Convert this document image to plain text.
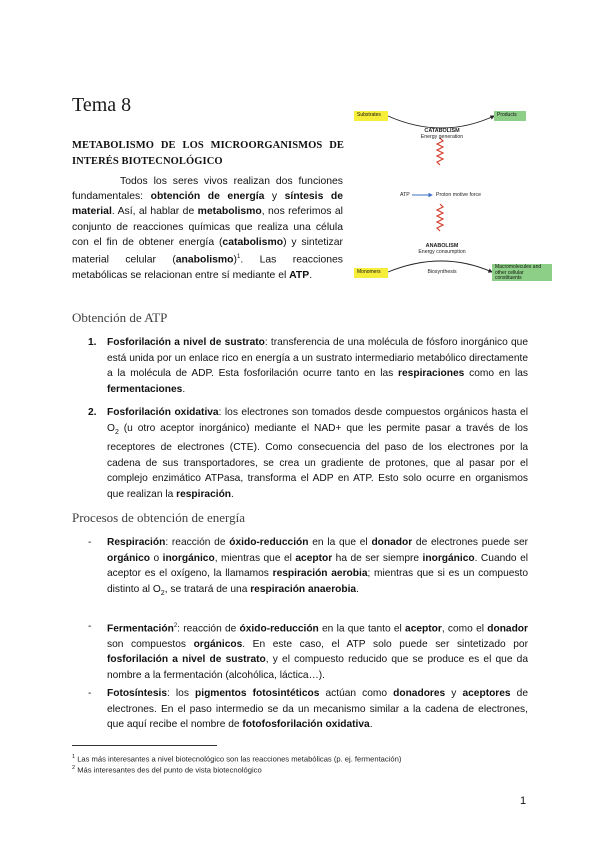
Tema 8
METABOLISMO DE LOS MICROORGANISMOS DE INTERÉS BIOTECNOLÓGICO
Todos los seres vivos realizan dos funciones fundamentales: obtención de energía y síntesis de material. Así, al hablar de metabolismo, nos referimos al conjunto de reacciones químicas que realiza una célula con el fin de obtener energía (catabolismo) y sintetizar material celular (anabolismo)$^1$. Las reacciones metabólicas se relacionan entre sí mediante el ATP.
Substrates	Products
CATABOLISM
Energy generation
ATP	Proton motive force
ANABOLISM
Energy consumption
Monomers	Biosynthesis
Macromolecules and other cellular constituents
Obtención de ATP
1. Fosforilación a nivel de sustrato: transferencia de una molécula de fósforo inorgánico que está unida por un enlace rico en energía a un sustrato intermediario metabólico directamente a la molécula de ADP. Esta fosforilación ocurre tanto en las respiraciones como en las fermentaciones.
2. Fosforilación oxidativa: los electrones son tomados desde compuestos orgánicos hasta el $O_2$ (u otro aceptor inorgánico) mediante el NAD+ que les permite pasar a través de los receptores de electrones (CTE). Como consecuencia del paso de los electrones por la cadena de sus transportadores, se crea un gradiente de protones, que al pasar por el complejo enzimático ATPasa, transforma el ADP en ATP. Esto solo ocurre en organismos que realizan la respiración.
Procesos de obtención de energía
- Respiración: reacción de óxido-reducción en la que el donador de electrones puede ser orgánico o inorgánico, mientras que el aceptor ha de ser siempre inorgánico. Cuando el aceptor es el oxígeno, la llamamos respiración aerobia; mientras que si es un compuesto distinto al $O_2$, se tratará de una respiración anaerobia.
- Fermentación$^2$: reacción de óxido-reducción en la que tanto el aceptor, como el donador son compuestos orgánicos. En este caso, el ATP solo puede ser sintetizado por fosforilación a nivel de sustrato, y el compuesto reducido que se produce es el que da nombre a la fermentación (alcohólica, láctica…).
- Fotosíntesis: los pigmentos fotosintéticos actúan como donadores y aceptores de electrones. En el paso intermedio se da un mecanismo similar a la cadena de electrones, que aquí recibe el nombre de fotofosforilación oxidativa.
$^1$ Las más interesantes a nivel biotecnológico son las reacciones metabólicas (p. ej. fermentación)
$^2$ Más interesantes des del punto de vista biotecnológico
1
